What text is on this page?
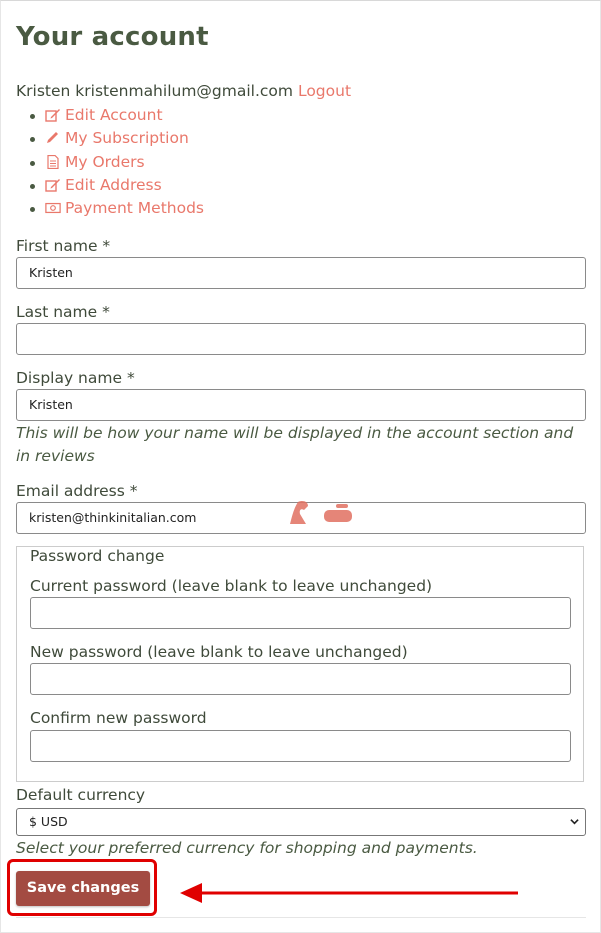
Your account
Kristen kristenmahilum@gmail.com Logout
Edit Account
My Subscription
My Orders
Edit Address
Payment Methods
First name *
Kristen
Last name *
Display name *
Kristen
This will be how your name will be displayed in the account section and in reviews
Email address *
kristen@thinkinitalian.com
Password change
Current password (leave blank to leave unchanged)
New password (leave blank to leave unchanged)
Confirm new password
Default currency
$ USD
Select your preferred currency for shopping and payments.
Save changes
